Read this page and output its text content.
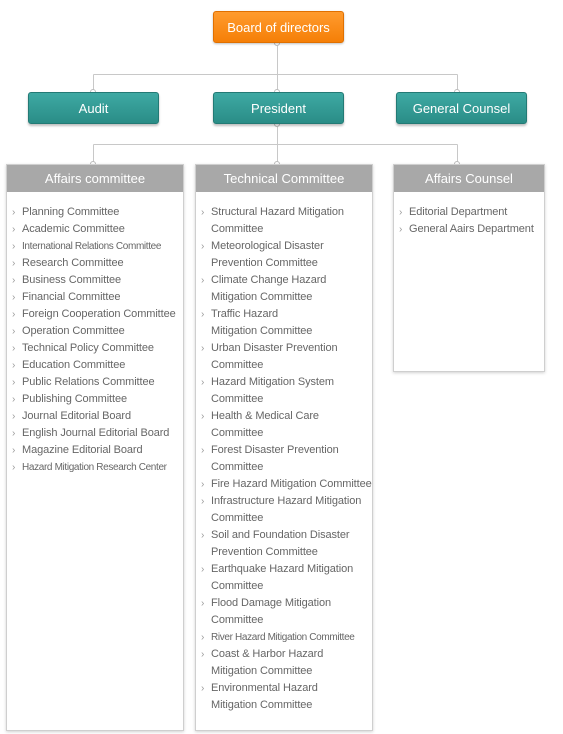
Board of directors
Audit	President	General Counsel
Affairs committee
› Planning Committee
› Academic Committee
› International Relations Committee
› Research Committee
› Business Committee
› Financial Committee
› Foreign Cooperation Committee
› Operation Committee
› Technical Policy Committee
› Education Committee
› Public Relations Committee
› Publishing Committee
› Journal Editorial Board
› English Journal Editorial Board
› Magazine Editorial Board
› Hazard Mitigation Research Center
Technical Committee
› Structural Hazard Mitigation
Committee
› Meteorological Disaster
Prevention Committee
› Climate Change Hazard
Mitigation Committee
› Traffic Hazard
Mitigation Committee
› Urban Disaster Prevention
Committee
› Hazard Mitigation System
Committee
› Health & Medical Care
Committee
› Forest Disaster Prevention
Committee
› Fire Hazard Mitigation Committee
› Infrastructure Hazard Mitigation
Committee
› Soil and Foundation Disaster
Prevention Committee
› Earthquake Hazard Mitigation
Committee
› Flood Damage Mitigation
Committee
› River Hazard Mitigation Committee
› Coast & Harbor Hazard
Mitigation Committee
› Environmental Hazard
Mitigation Committee
Affairs Counsel
› Editorial Department
› General Aairs Department
